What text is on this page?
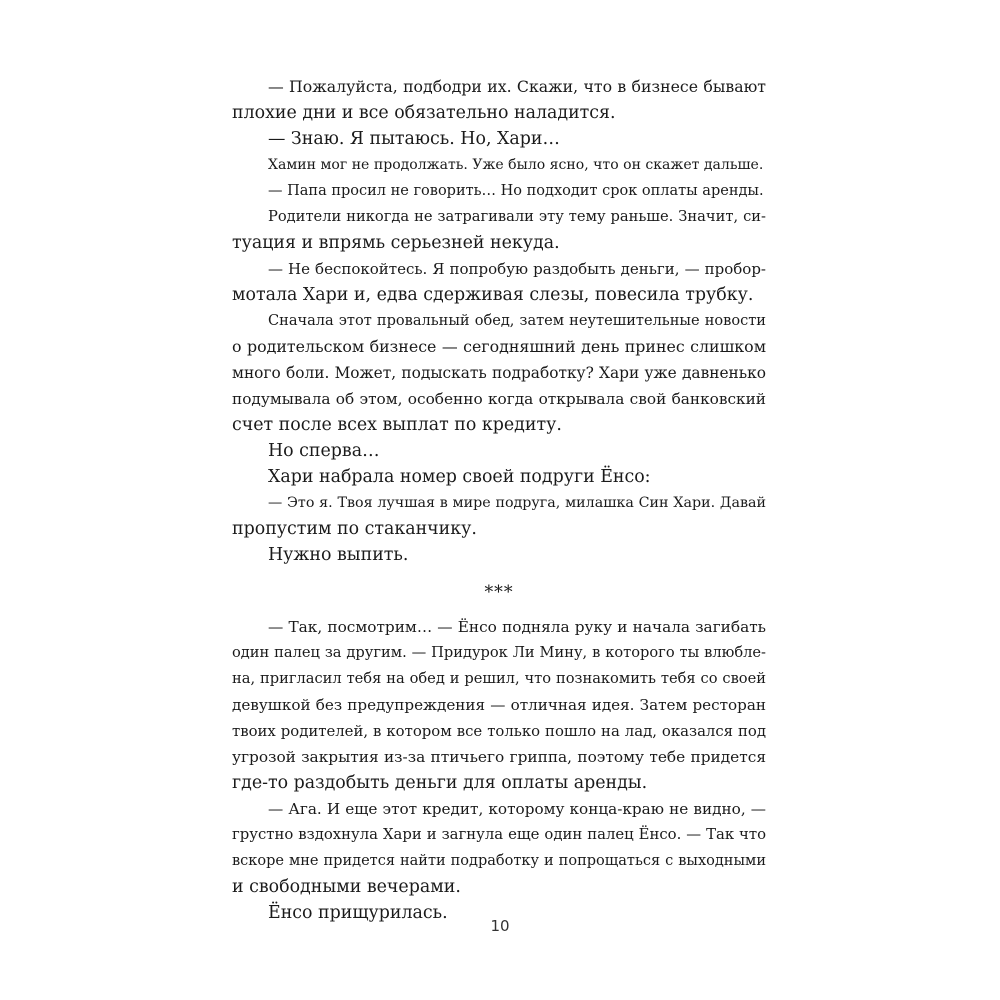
— Пожалуйста, подбодри их. Скажи, что в бизнесе бывают
плохие дни и все обязательно наладится.
— Знаю. Я пытаюсь. Но, Хари…
Хамин мог не продолжать. Уже было ясно, что он скажет дальше.
— Папа просил не говорить… Но подходит срок оплаты аренды.
Родители никогда не затрагивали эту тему раньше. Значит, си-
туация и впрямь серьезней некуда.
— Не беспокойтесь. Я попробую раздобыть деньги, — пробор-
мотала Хари и, едва сдерживая слезы, повесила трубку.
Сначала этот провальный обед, затем неутешительные новости
о родительском бизнесе — сегодняшний день принес слишком
много боли. Может, подыскать подработку? Хари уже давненько
подумывала об этом, особенно когда открывала свой банковский
счет после всех выплат по кредиту.
Но сперва…
Хари набрала номер своей подруги Ёнсо:
— Это я. Твоя лучшая в мире подруга, милашка Син Хари. Давай
пропустим по стаканчику.
Нужно выпить.
***
— Так, посмотрим… — Ёнсо подняла руку и начала загибать
один палец за другим. — Придурок Ли Мину, в которого ты влюбле-
на, пригласил тебя на обед и решил, что познакомить тебя со своей
девушкой без предупреждения — отличная идея. Затем ресторан
твоих родителей, в котором все только пошло на лад, оказался под
угрозой закрытия из-за птичьего гриппа, поэтому тебе придется
где-то раздобыть деньги для оплаты аренды.
— Ага. И еще этот кредит, которому конца-краю не видно, —
грустно вздохнула Хари и загнула еще один палец Ёнсо. — Так что
вскоре мне придется найти подработку и попрощаться с выходными
и свободными вечерами.
Ёнсо прищурилась.
10
